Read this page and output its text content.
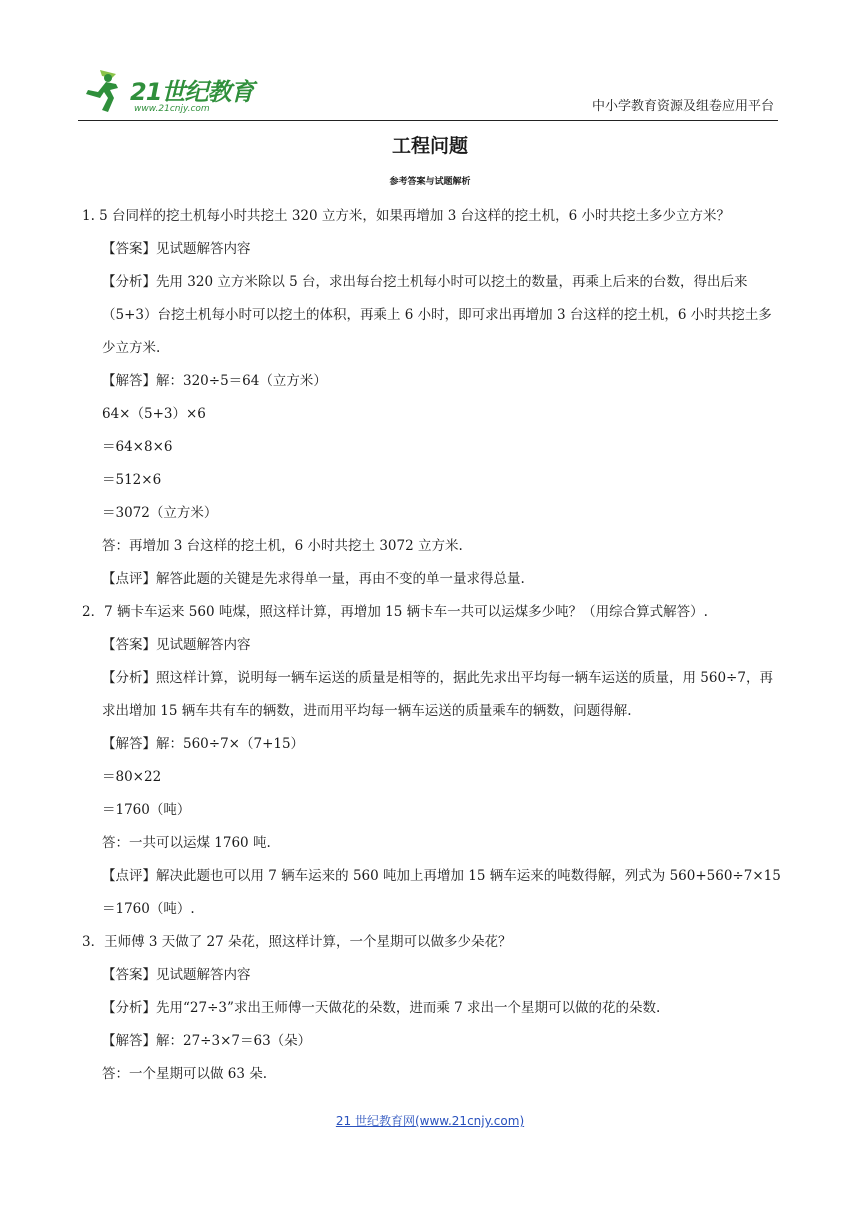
21世纪教育
www.21cnjy.com	中小学教育资源及组卷应用平台
工程问题
参考答案与试题解析

1. 5 台同样的挖土机每小时共挖土 320 立方米，如果再增加 3 台这样的挖土机，6 小时共挖土多少立方米？

【答案】见试题解答内容

【分析】先用 320 立方米除以 5 台，求出每台挖土机每小时可以挖土的数量，再乘上后来的台数，得出后来（5+3）台挖土机每小时可以挖土的体积，再乘上 6 小时，即可求出再增加 3 台这样的挖土机，6 小时共挖土多少立方米.

【解答】解：320÷5＝64（立方米）

64×（5+3）×6

＝64×8×6

＝512×6

＝3072（立方米）

答：再增加 3 台这样的挖土机，6 小时共挖土 3072 立方米.

【点评】解答此题的关键是先求得单一量，再由不变的单一量求得总量.

2．7 辆卡车运来 560 吨煤，照这样计算，再增加 15 辆卡车一共可以运煤多少吨？（用综合算式解答）.

【答案】见试题解答内容

【分析】照这样计算，说明每一辆车运送的质量是相等的，据此先求出平均每一辆车运送的质量，用 560÷7，再求出增加 15 辆车共有车的辆数，进而用平均每一辆车运送的质量乘车的辆数，问题得解.

【解答】解：560÷7×（7+15）

＝80×22

＝1760（吨）

答：一共可以运煤 1760 吨.

【点评】解决此题也可以用 7 辆车运来的 560 吨加上再增加 15 辆车运来的吨数得解，列式为 560+560÷7×15＝1760（吨）.

3．王师傅 3 天做了 27 朵花，照这样计算，一个星期可以做多少朵花？

【答案】见试题解答内容

【分析】先用“27÷3”求出王师傅一天做花的朵数，进而乘 7 求出一个星期可以做的花的朵数.

【解答】解：27÷3×7＝63（朵）

答：一个星期可以做 63 朵.

21 世纪教育网(www.21cnjy.com)
